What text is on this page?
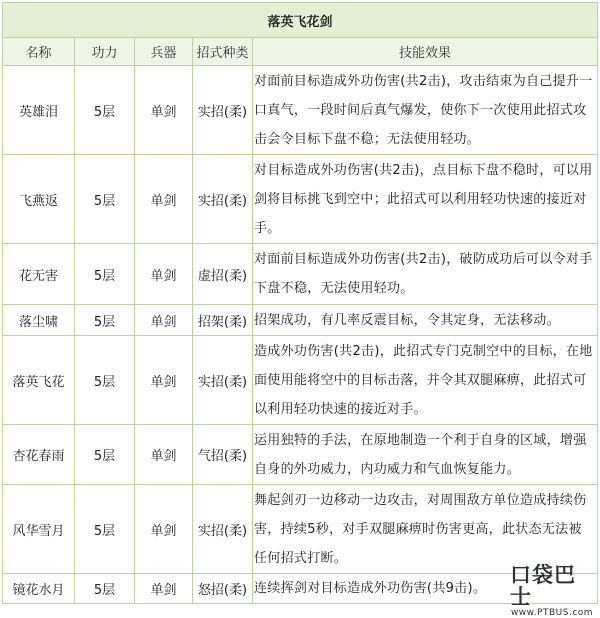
落英飞花剑				
名称	功力	兵器	招式种类	技能效果
英雄泪	5层	单剑	实招(柔)	对面前目标造成外功伤害(共2击)，攻击结束为自己提升一口真气，一段时间后真气爆发，使你下一次使用此招式攻击会令目标下盘不稳；无法使用轻功。
飞燕返	5层	单剑	实招(柔)	对目标造成外功伤害(共2击)，点目标下盘不稳时，可以用剑将目标挑飞到空中；此招式可以利用轻功快速的接近对手。
花无害	5层	单剑	虚招(柔)	对面前目标造成外功伤害(共2击)，破防成功后可以令对手下盘不稳，无法使用轻功。
落尘啸	5层	单剑	招架(柔)	招架成功，有几率反震目标，令其定身，无法移动。
落英飞花	5层	单剑	实招(柔)	造成外功伤害(共2击)，此招式专门克制空中的目标，在地面使用能将空中的目标击落，并令其双腿麻痹，此招式可以利用轻功快速的接近对手。
杏花春雨	5层	单剑	气招(柔)	运用独特的手法，在原地制造一个利于自身的区域，增强自身的外功威力，内功威力和气血恢复能力。
风华雪月	5层	单剑	实招(柔)	舞起剑刃一边移动一边攻击，对周围敌方单位造成持续伤害，持续5秒，对手双腿麻痹时伤害更高，此状态无法被任何招式打断。
镜花水月	5层	单剑	怒招(柔)	连续挥剑对目标造成外功伤害(共9击)。
口袋巴士
www.PTBUS.com
